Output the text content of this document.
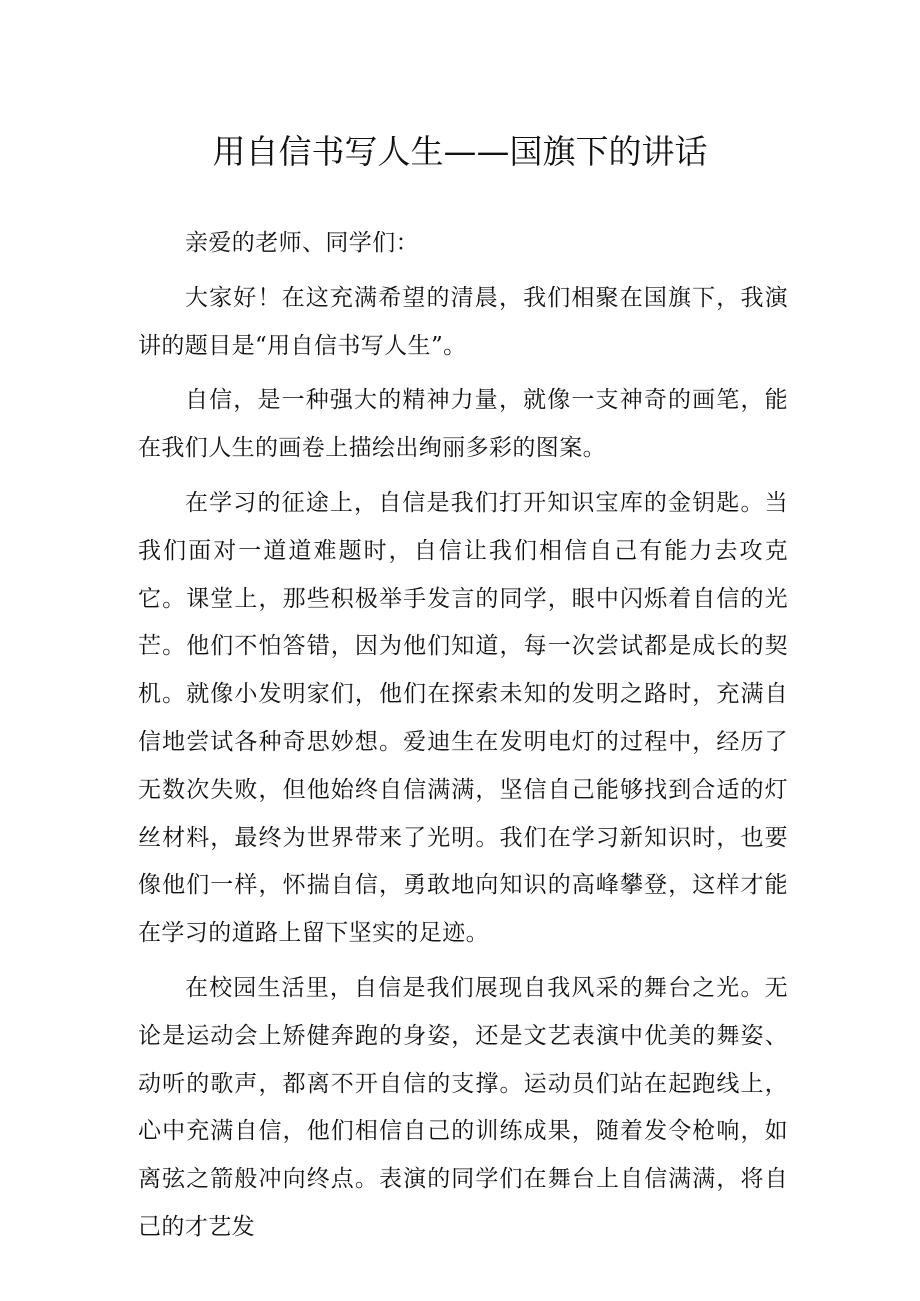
用自信书写人生——国旗下的讲话

亲爱的老师、同学们：

大家好！在这充满希望的清晨，我们相聚在国旗下，我演讲的题目是“用自信书写人生”。

自信，是一种强大的精神力量，就像一支神奇的画笔，能在我们人生的画卷上描绘出绚丽多彩的图案。

在学习的征途上，自信是我们打开知识宝库的金钥匙。当我们面对一道道难题时，自信让我们相信自己有能力去攻克它。课堂上，那些积极举手发言的同学，眼中闪烁着自信的光芒。他们不怕答错，因为他们知道，每一次尝试都是成长的契机。就像小发明家们，他们在探索未知的发明之路时，充满自信地尝试各种奇思妙想。爱迪生在发明电灯的过程中，经历了无数次失败，但他始终自信满满，坚信自己能够找到合适的灯丝材料，最终为世界带来了光明。我们在学习新知识时，也要像他们一样，怀揣自信，勇敢地向知识的高峰攀登，这样才能在学习的道路上留下坚实的足迹。

在校园生活里，自信是我们展现自我风采的舞台之光。无论是运动会上矫健奔跑的身姿，还是文艺表演中优美的舞姿、动听的歌声，都离不开自信的支撑。运动员们站在起跑线上，心中充满自信，他们相信自己的训练成果，随着发令枪响，如离弦之箭般冲向终点。表演的同学们在舞台上自信满满，将自己的才艺发
